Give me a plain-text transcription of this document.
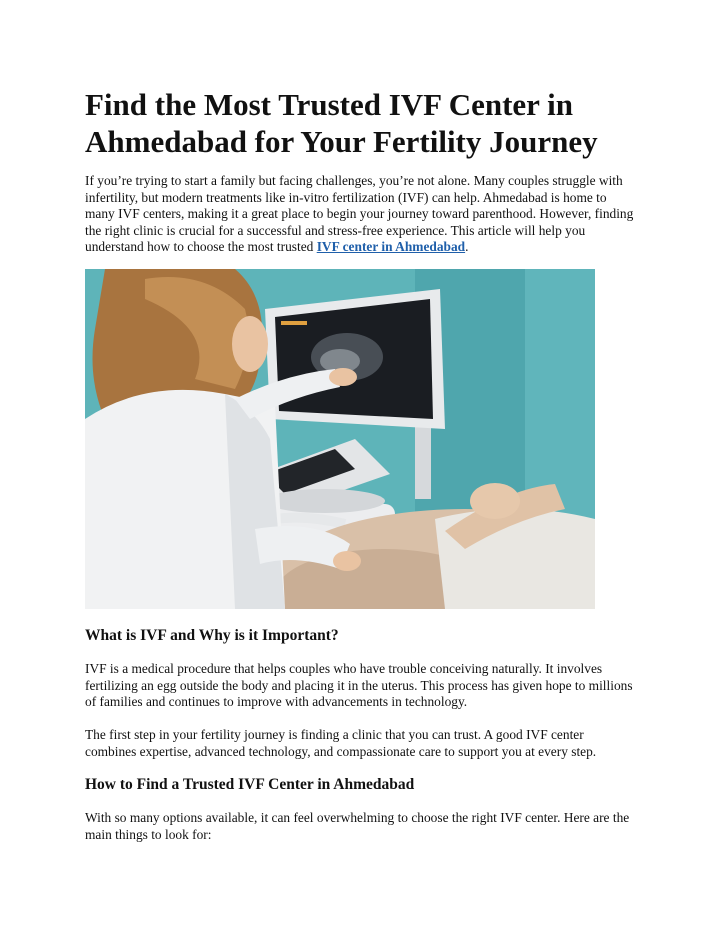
Find the Most Trusted IVF Center in Ahmedabad for Your Fertility Journey

If you’re trying to start a family but facing challenges, you’re not alone. Many couples struggle with infertility, but modern treatments like in-vitro fertilization (IVF) can help. Ahmedabad is home to many IVF centers, making it a great place to begin your journey toward parenthood. However, finding the right clinic is crucial for a successful and stress-free experience. This article will help you understand how to choose the most trusted IVF center in Ahmedabad.

What is IVF and Why is it Important?

IVF is a medical procedure that helps couples who have trouble conceiving naturally. It involves fertilizing an egg outside the body and placing it in the uterus. This process has given hope to millions of families and continues to improve with advancements in technology.

The first step in your fertility journey is finding a clinic that you can trust. A good IVF center combines expertise, advanced technology, and compassionate care to support you at every step.

How to Find a Trusted IVF Center in Ahmedabad

With so many options available, it can feel overwhelming to choose the right IVF center. Here are the main things to look for:
